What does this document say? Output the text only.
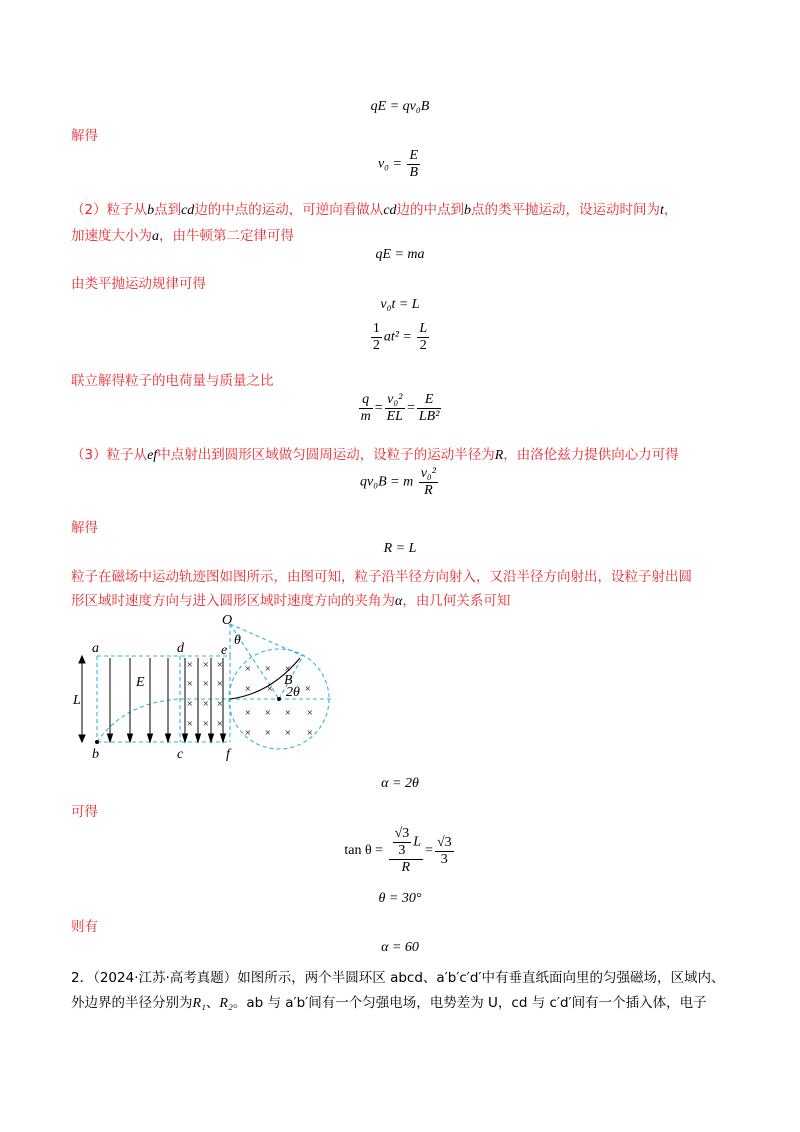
qE = qv₀B
解得
$v_0 = \frac{E}{B}$
（2）粒子从b点到cd边的中点的运动，可逆向看做从cd边的中点到b点的类平抛运动，设运动时间为t，
加速度大小为a，由牛顿第二定律可得
qE = ma
由类平抛运动规律可得
v₀t = L
$\frac{1}{2} at^2 = \frac{L}{2}$
联立解得粒子的电荷量与质量之比
$\frac{q}{m} = \frac{\text{v₀²}}{EL} = \frac{E}{\text{LB²}}$
（3）粒子从ef中点射出到圆形区域做匀圆周运动，设粒子的运动半径为R，由洛伦兹力提供向心力可得
qv₀B = m $\frac{\text{v₀²}}{R}$
解得
R = L
粒子在磁场中运动轨迹图如图所示，由图可知，粒子沿半径方向射入，又沿半径方向射出，设粒子射出圆
形区域时速度方向与进入圆形区域时速度方向的夹角为α，由几何关系可知
× × ×
× × ×
× × ×
× × ×
× × ×
× ×	×
× × × ×
× × × ×
a
b	c
d	e
f
L
E
O
θ
B
2θ
α = 2θ
可得
$\tan \theta = \frac{\frac{√3}{3} L}{R} = \frac{√3}{3}$
θ = 30°
则有
α = 60
2．（2024·江苏·高考真题）如图所示，两个半圆环区 abcd、a′b′c′d′中有垂直纸面向里的匀强磁场，区域内、
外边界的半径分别为R₁、R₂。ab 与 a′b′间有一个匀强电场，电势差为 U，cd 与 c′d′间有一个插入体，电子
